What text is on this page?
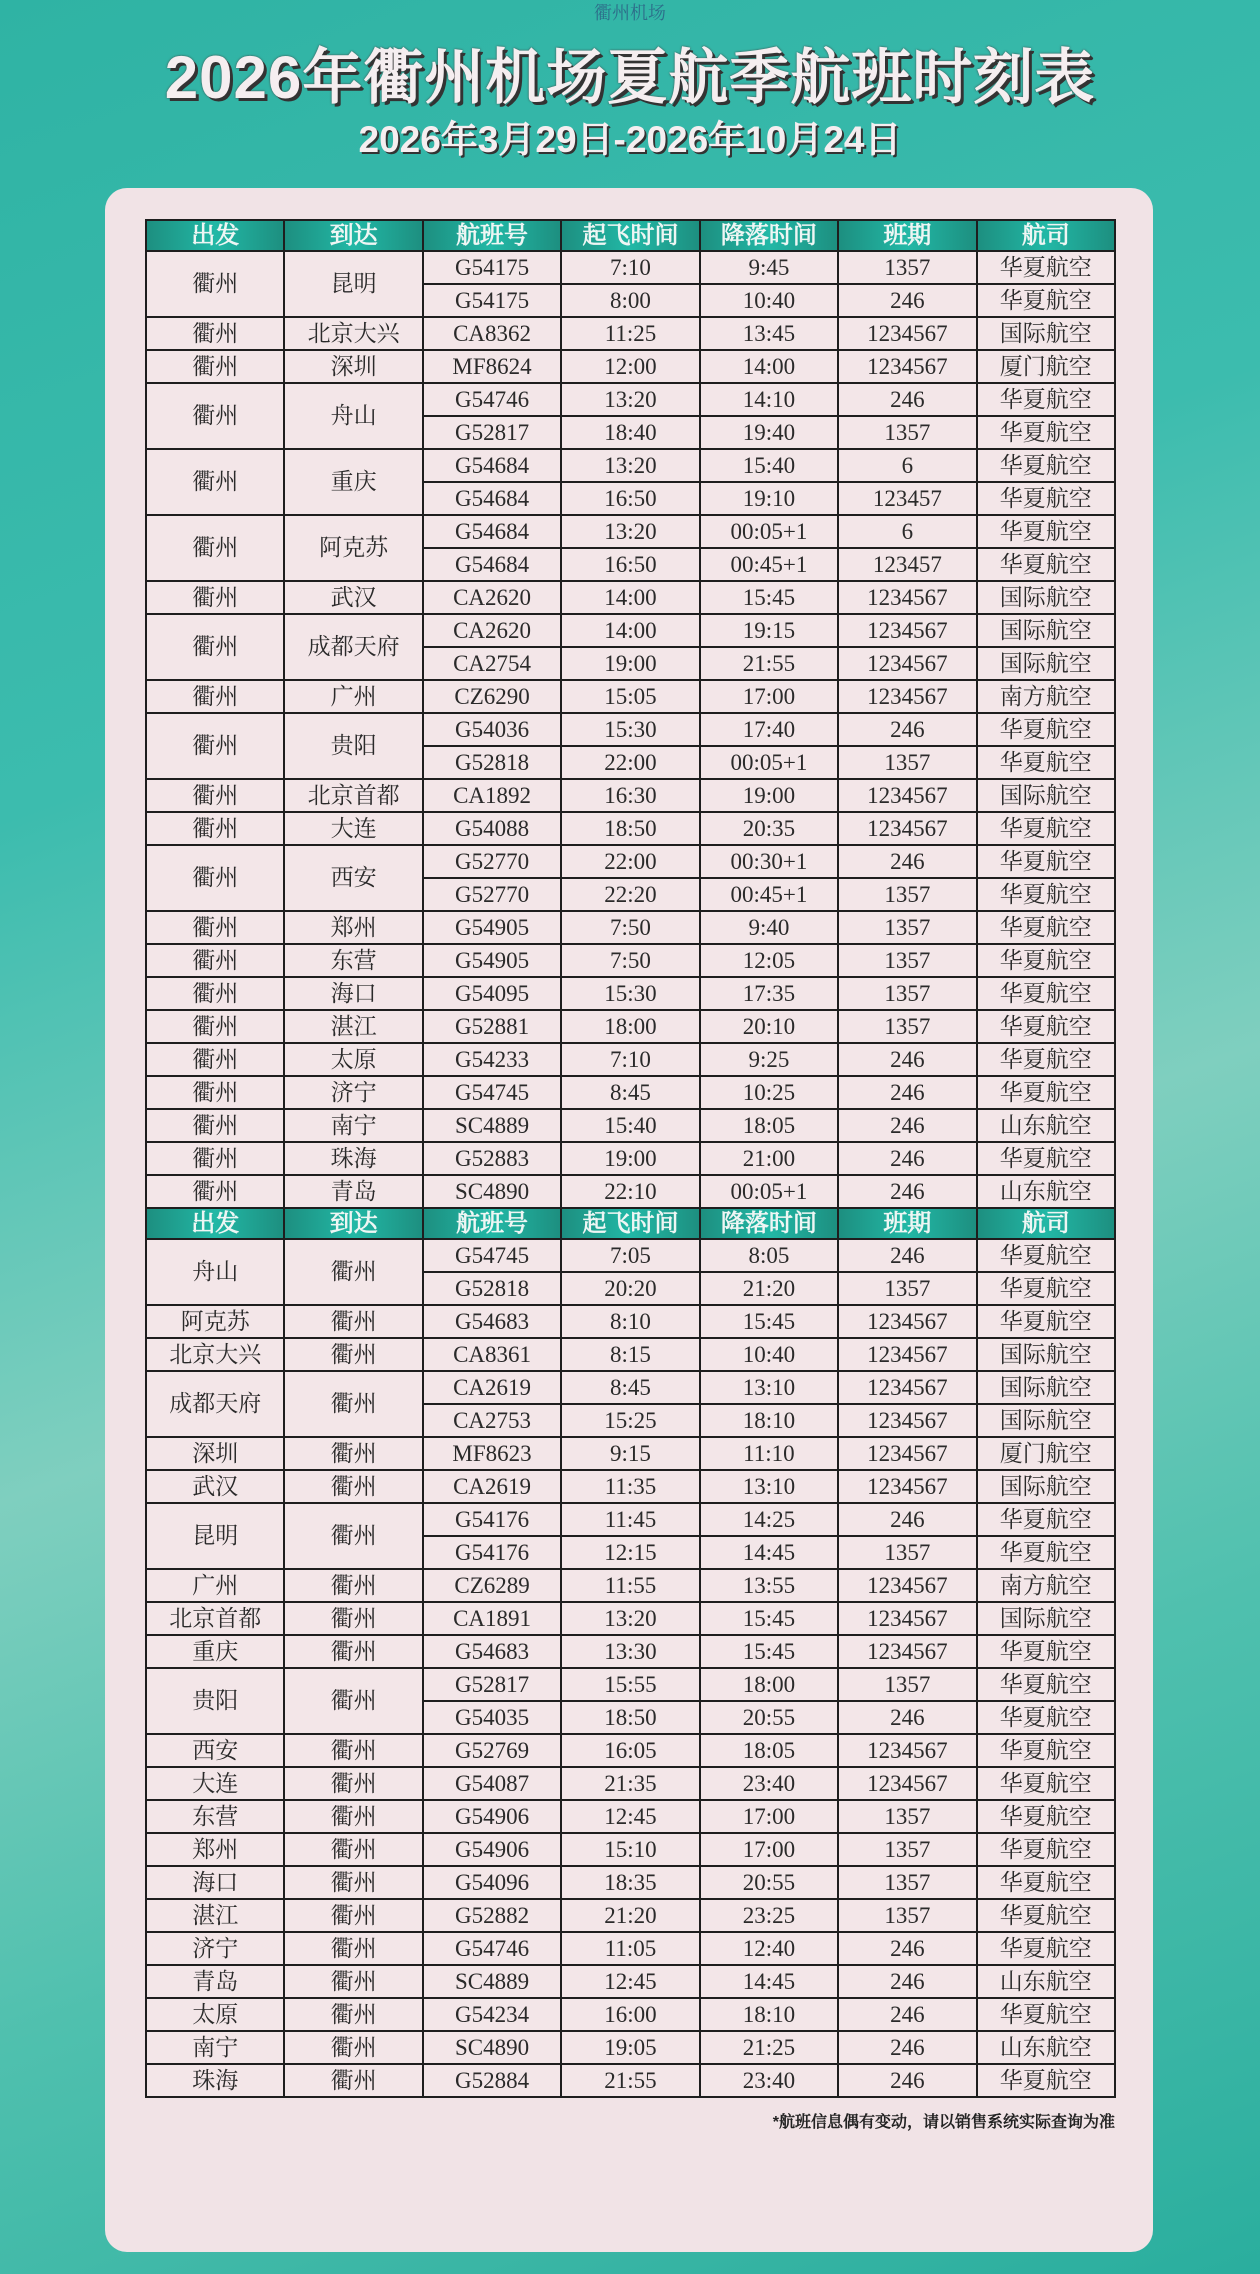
衢州机场
2026年衢州机场夏航季航班时刻表
2026年3月29日-2026年10月24日
出发	到达	航班号	起飞时间	降落时间	班期	航司
衢州	昆明	G54175	7:10	9:45	1357	华夏航空
		G54175	8:00	10:40	246	华夏航空
衢州	北京大兴	CA8362	11:25	13:45	1234567	国际航空
衢州	深圳	MF8624	12:00	14:00	1234567	厦门航空
衢州	舟山	G54746	13:20	14:10	246	华夏航空
		G52817	18:40	19:40	1357	华夏航空
衢州	重庆	G54684	13:20	15:40	6	华夏航空
		G54684	16:50	19:10	123457	华夏航空
衢州	阿克苏	G54684	13:20	00:05+1	6	华夏航空
		G54684	16:50	00:45+1	123457	华夏航空
衢州	武汉	CA2620	14:00	15:45	1234567	国际航空
衢州	成都天府	CA2620	14:00	19:15	1234567	国际航空
		CA2754	19:00	21:55	1234567	国际航空
衢州	广州	CZ6290	15:05	17:00	1234567	南方航空
衢州	贵阳	G54036	15:30	17:40	246	华夏航空
		G52818	22:00	00:05+1	1357	华夏航空
衢州	北京首都	CA1892	16:30	19:00	1234567	国际航空
衢州	大连	G54088	18:50	20:35	1234567	华夏航空
衢州	西安	G52770	22:00	00:30+1	246	华夏航空
		G52770	22:20	00:45+1	1357	华夏航空
衢州	郑州	G54905	7:50	9:40	1357	华夏航空
衢州	东营	G54905	7:50	12:05	1357	华夏航空
衢州	海口	G54095	15:30	17:35	1357	华夏航空
衢州	湛江	G52881	18:00	20:10	1357	华夏航空
衢州	太原	G54233	7:10	9:25	246	华夏航空
衢州	济宁	G54745	8:45	10:25	246	华夏航空
衢州	南宁	SC4889	15:40	18:05	246	山东航空
衢州	珠海	G52883	19:00	21:00	246	华夏航空
衢州	青岛	SC4890	22:10	00:05+1	246	山东航空
出发	到达	航班号	起飞时间	降落时间	班期	航司
舟山	衢州	G54745	7:05	8:05	246	华夏航空
		G52818	20:20	21:20	1357	华夏航空
阿克苏	衢州	G54683	8:10	15:45	1234567	华夏航空
北京大兴	衢州	CA8361	8:15	10:40	1234567	国际航空
成都天府	衢州	CA2619	8:45	13:10	1234567	国际航空
		CA2753	15:25	18:10	1234567	国际航空
深圳	衢州	MF8623	9:15	11:10	1234567	厦门航空
武汉	衢州	CA2619	11:35	13:10	1234567	国际航空
昆明	衢州	G54176	11:45	14:25	246	华夏航空
		G54176	12:15	14:45	1357	华夏航空
广州	衢州	CZ6289	11:55	13:55	1234567	南方航空
北京首都	衢州	CA1891	13:20	15:45	1234567	国际航空
重庆	衢州	G54683	13:30	15:45	1234567	华夏航空
贵阳	衢州	G52817	15:55	18:00	1357	华夏航空
		G54035	18:50	20:55	246	华夏航空
西安	衢州	G52769	16:05	18:05	1234567	华夏航空
大连	衢州	G54087	21:35	23:40	1234567	华夏航空
东营	衢州	G54906	12:45	17:00	1357	华夏航空
郑州	衢州	G54906	15:10	17:00	1357	华夏航空
海口	衢州	G54096	18:35	20:55	1357	华夏航空
湛江	衢州	G52882	21:20	23:25	1357	华夏航空
济宁	衢州	G54746	11:05	12:40	246	华夏航空
青岛	衢州	SC4889	12:45	14:45	246	山东航空
太原	衢州	G54234	16:00	18:10	246	华夏航空
南宁	衢州	SC4890	19:05	21:25	246	山东航空
珠海	衢州	G52884	21:55	23:40	246	华夏航空
*航班信息偶有变动，请以销售系统实际查询为准
